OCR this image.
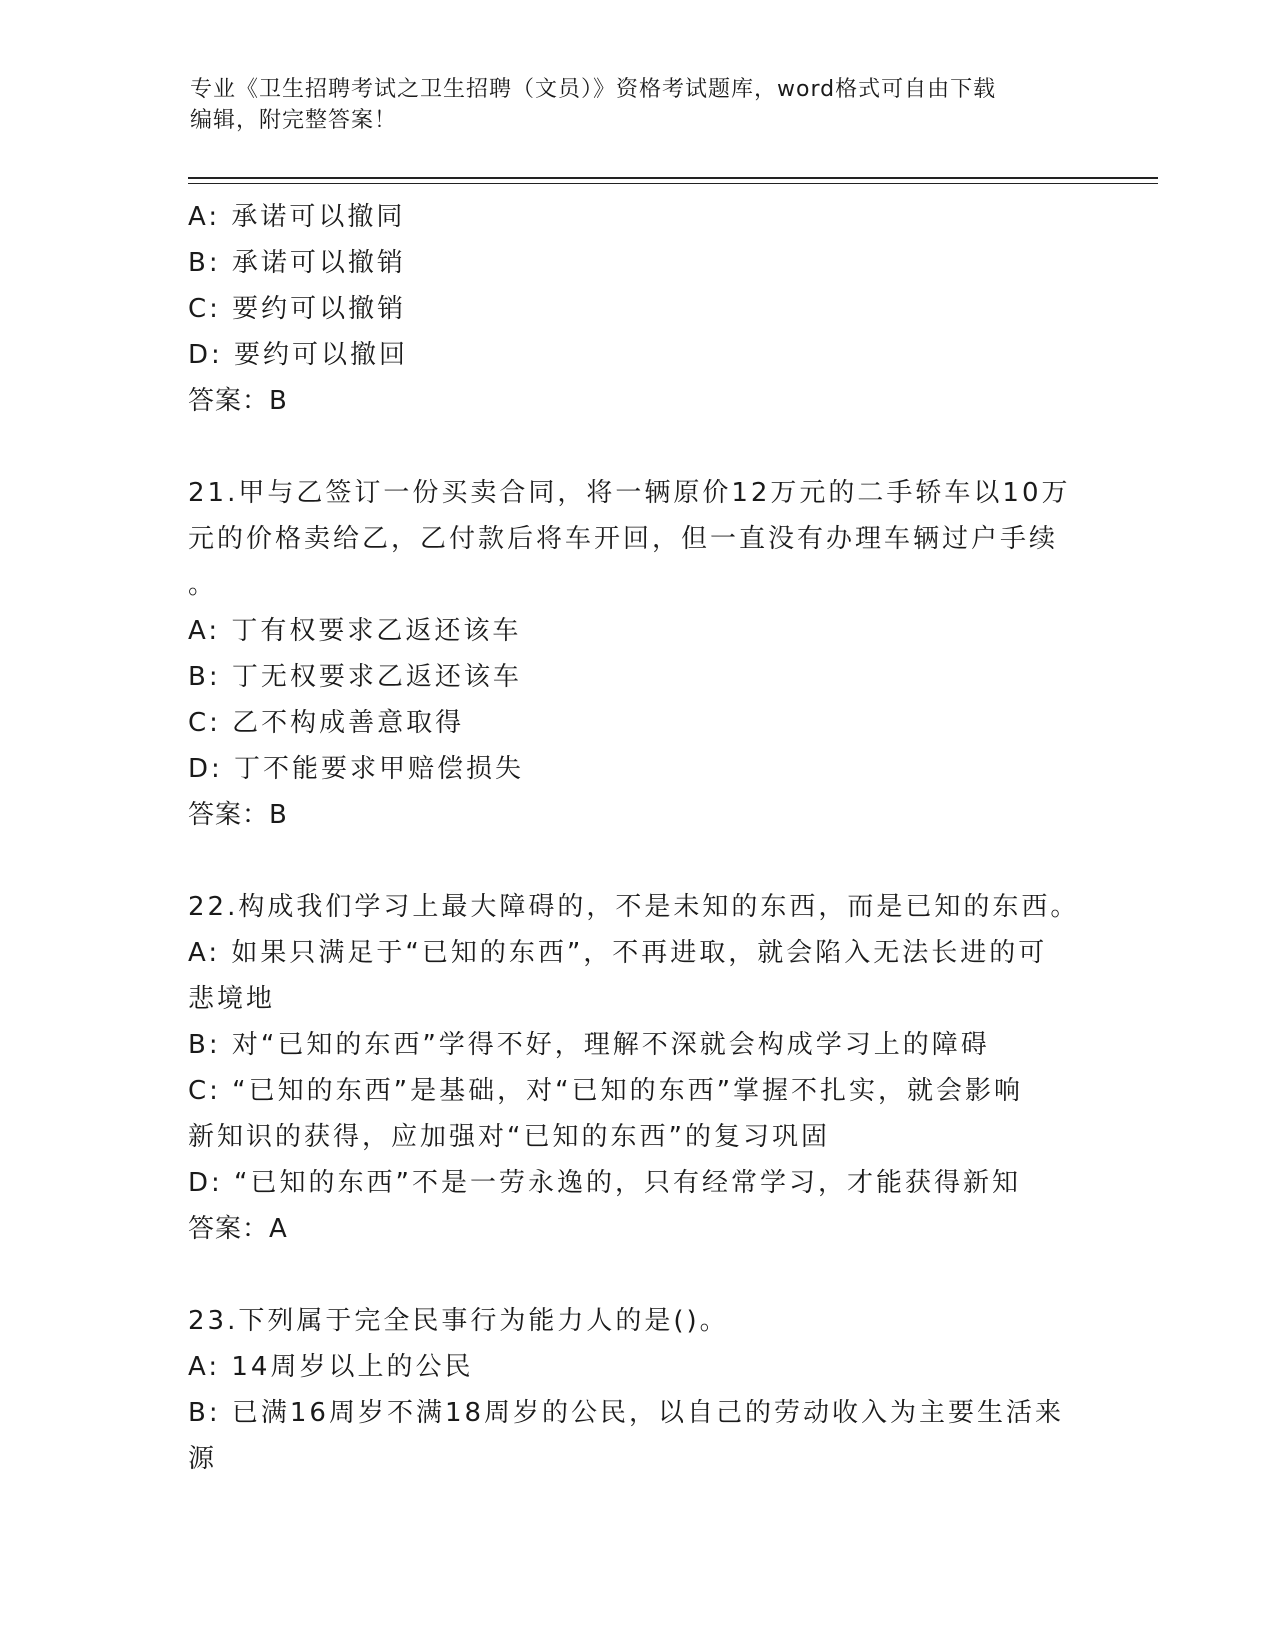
专业《卫生招聘考试之卫生招聘（文员）》资格考试题库，word格式可自由下载
编辑，附完整答案！
A: 承诺可以撤同
B: 承诺可以撤销
C: 要约可以撤销
D: 要约可以撤回
答案：B
21.甲与乙签订一份买卖合同，将一辆原价12万元的二手轿车以10万
元的价格卖给乙，乙付款后将车开回，但一直没有办理车辆过户手续
。
A: 丁有权要求乙返还该车
B: 丁无权要求乙返还该车
C: 乙不构成善意取得
D: 丁不能要求甲赔偿损失
答案：B
22.构成我们学习上最大障碍的，不是未知的东西，而是已知的东西。
A: 如果只满足于“已知的东西”，不再进取，就会陷入无法长进的可
悲境地
B: 对“已知的东西”学得不好，理解不深就会构成学习上的障碍
C: “已知的东西”是基础，对“已知的东西”掌握不扎实，就会影响
新知识的获得，应加强对“已知的东西”的复习巩固
D: “已知的东西”不是一劳永逸的，只有经常学习，才能获得新知
答案：A
23.下列属于完全民事行为能力人的是()。
A: 14周岁以上的公民
B: 已满16周岁不满18周岁的公民，以自己的劳动收入为主要生活来
源
